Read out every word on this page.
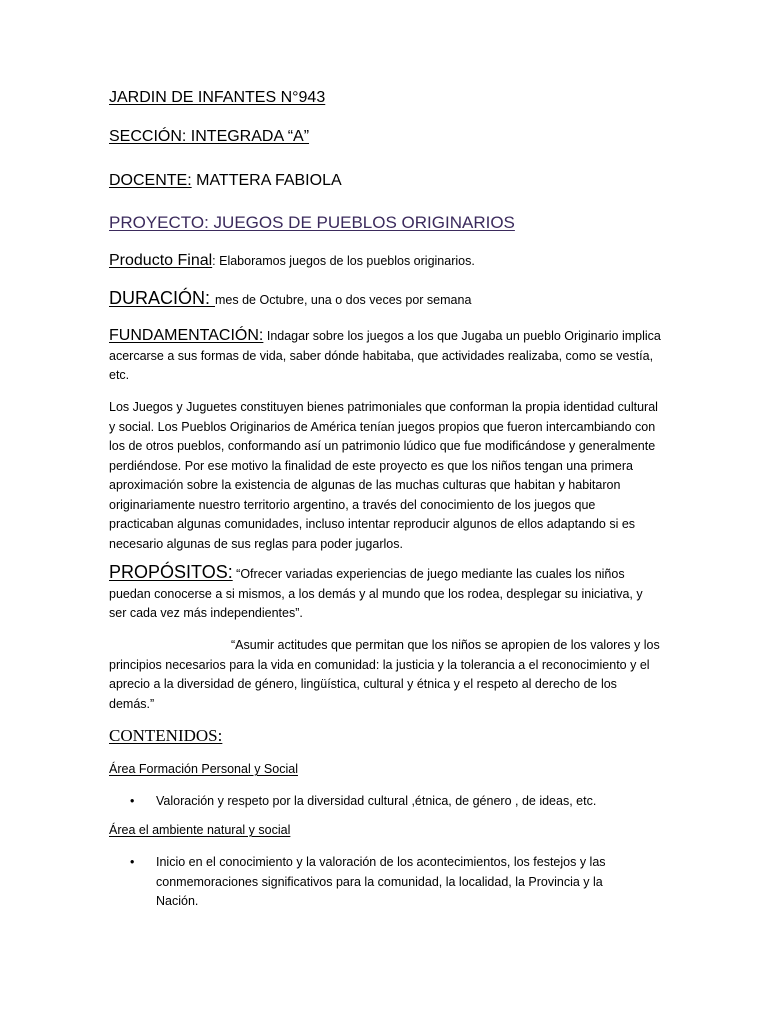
JARDIN DE INFANTES N°943
SECCIÓN: INTEGRADA “A”
DOCENTE: MATTERA FABIOLA
PROYECTO: JUEGOS DE PUEBLOS ORIGINARIOS
Producto Final: Elaboramos juegos de los pueblos originarios.
DURACIÓN: mes de Octubre, una o dos veces por semana

FUNDAMENTACIÓN: Indagar sobre los juegos a los que Jugaba un pueblo Originario implica acercarse a sus formas de vida, saber dónde habitaba, que actividades realizaba, como se vestía, etc.

Los Juegos y Juguetes constituyen bienes patrimoniales que conforman la propia identidad cultural y social. Los Pueblos Originarios de América tenían juegos propios que fueron intercambiando con los de otros pueblos, conformando así un patrimonio lúdico que fue modificándose y generalmente perdiéndose. Por ese motivo la finalidad de este proyecto es que los niños tengan una primera aproximación sobre la existencia de algunas de las muchas culturas que habitan y habitaron originariamente nuestro territorio argentino, a través del conocimiento de los juegos que practicaban algunas comunidades, incluso intentar reproducir algunos de ellos adaptando si es necesario algunas de sus reglas para poder jugarlos.

PROPÓSITOS: “Ofrecer variadas experiencias de juego mediante las cuales los niños puedan conocerse a si mismos, a los demás y al mundo que los rodea, desplegar su iniciativa, y ser cada vez más independientes”.

“Asumir actitudes que permitan que los niños se apropien de los valores y los principios necesarios para la vida en comunidad: la justicia y la tolerancia a el reconocimiento y el aprecio a la diversidad de género, lingüística, cultural y étnica y el respeto al derecho de los demás.”
CONTENIDOS:
Área Formación Personal y Social
• Valoración y respeto por la diversidad cultural ,étnica, de género , de ideas, etc.
Área el ambiente natural y social
• Inicio en el conocimiento y la valoración de los acontecimientos, los festejos y las conmemoraciones significativos para la comunidad, la localidad, la Provincia y la Nación.
